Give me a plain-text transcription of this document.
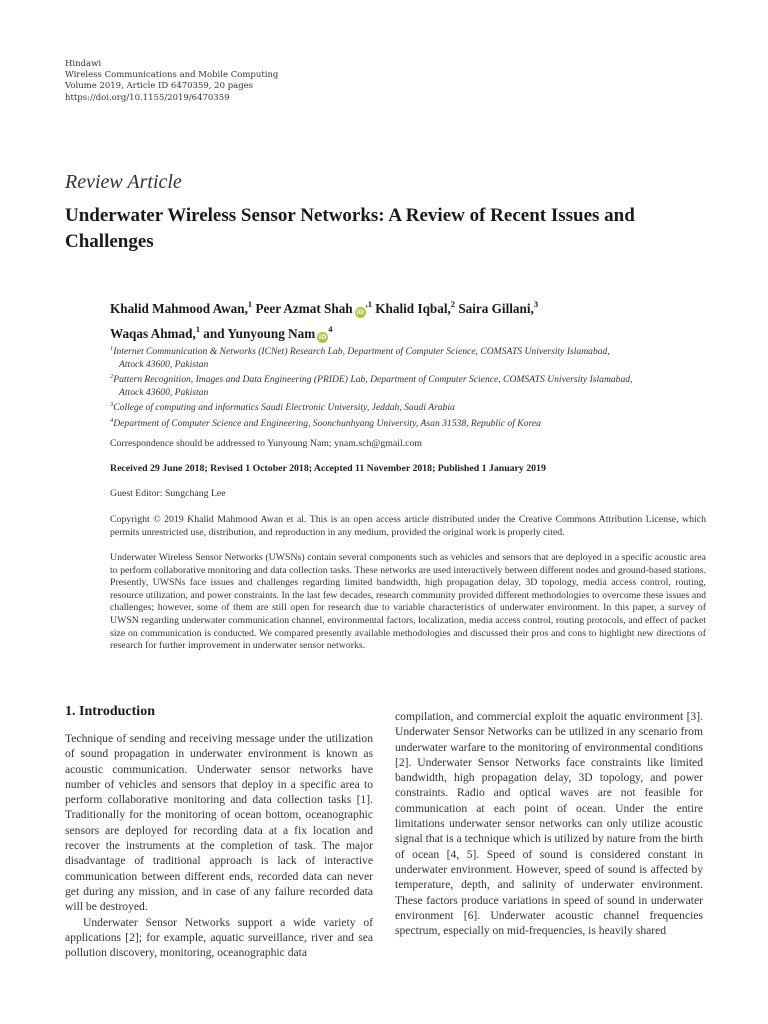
Hindawi
Wireless Communications and Mobile Computing
Volume 2019, Article ID 6470359, 20 pages
https://doi.org/10.1155/2019/6470359
Review Article
Underwater Wireless Sensor Networks: A Review of Recent Issues and Challenges
Khalid Mahmood Awan,$^1$ Peer Azmat Shah $iD^{,1}$ Khalid Iqbal,$^2$ Saira Gillani,$^3$
Waqas Ahmad,$^1$ and Yunyoung Nam $iD^4$
$^1$Internet Communication & Networks (ICNet) Research Lab, Department of Computer Science, COMSATS University Islamabad,
Attock 43600, Pakistan
$^2$Pattern Recognition, Images and Data Engineering (PRIDE) Lab, Department of Computer Science, COMSATS University Islamabad,
Attock 43600, Pakistan
$^3$College of computing and informatics Saudi Electronic University, Jeddah, Saudi Arabia
$^4$Department of Computer Science and Engineering, Soonchunhyang University, Asan 31538, Republic of Korea
Correspondence should be addressed to Yunyoung Nam; ynam.sch@gmail.com
Received 29 June 2018; Revised 1 October 2018; Accepted 11 November 2018; Published 1 January 2019
Guest Editor: Sungchang Lee
Copyright © 2019 Khalid Mahmood Awan et al. This is an open access article distributed under the Creative Commons Attribution License, which permits unrestricted use, distribution, and reproduction in any medium, provided the original work is properly cited.
Underwater Wireless Sensor Networks (UWSNs) contain several components such as vehicles and sensors that are deployed in a specific acoustic area to perform collaborative monitoring and data collection tasks. These networks are used interactively between different nodes and ground-based stations. Presently, UWSNs face issues and challenges regarding limited bandwidth, high propagation delay, 3D topology, media access control, routing, resource utilization, and power constraints. In the last few decades, research community provided different methodologies to overcome these issues and challenges; however, some of them are still open for research due to variable characteristics of underwater environment. In this paper, a survey of UWSN regarding underwater communication channel, environmental factors, localization, media access control, routing protocols, and effect of packet size on communication is conducted. We compared presently available methodologies and discussed their pros and cons to highlight new directions of research for further improvement in underwater sensor networks.
1. Introduction

Technique of sending and receiving message under the utilization of sound propagation in underwater environment is known as acoustic communication. Underwater sensor networks have number of vehicles and sensors that deploy in a specific area to perform collaborative monitoring and data collection tasks [1]. Traditionally for the monitoring of ocean bottom, oceanographic sensors are deployed for recording data at a fix location and recover the instruments at the completion of task. The major disadvantage of traditional approach is lack of interactive communication between different ends, recorded data can never get during any mission, and in case of any failure recorded data will be destroyed.

Underwater Sensor Networks support a wide variety of applications [2]; for example, aquatic surveillance, river and sea pollution discovery, monitoring, oceanographic data

compilation, and commercial exploit the aquatic environment [3]. Underwater Sensor Networks can be utilized in any scenario from underwater warfare to the monitoring of environmental conditions [2]. Underwater Sensor Networks face constraints like limited bandwidth, high propagation delay, 3D topology, and power constraints. Radio and optical waves are not feasible for communication at each point of ocean. Under the entire limitations underwater sensor networks can only utilize acoustic signal that is a technique which is utilized by nature from the birth of ocean [4, 5]. Speed of sound is considered constant in underwater environment. However, speed of sound is affected by temperature, depth, and salinity of underwater environment. These factors produce variations in speed of sound in underwater environment [6]. Underwater acoustic channel frequencies spectrum, especially on mid-frequencies, is heavily shared
